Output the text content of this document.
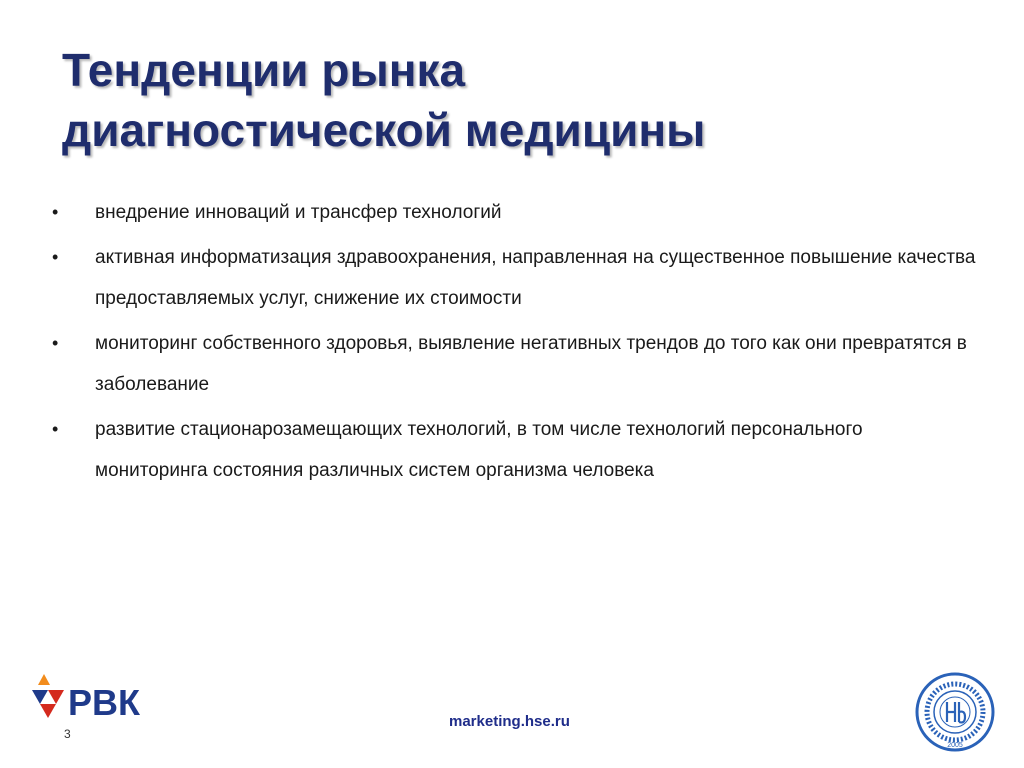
Тенденции рынка
диагностической медицины
• внедрение инноваций и трансфер технологий
• активная информатизация здравоохранения, направленная на существенное повышение качества предоставляемых услуг, снижение их стоимости
• мониторинг собственного здоровья, выявление негативных трендов до того как они превратятся в заболевание
• развитие стационарозамещающих технологий, в том числе технологий персонального мониторинга состояния различных систем организма человека
РВК
3
marketing.hse.ru
2005
